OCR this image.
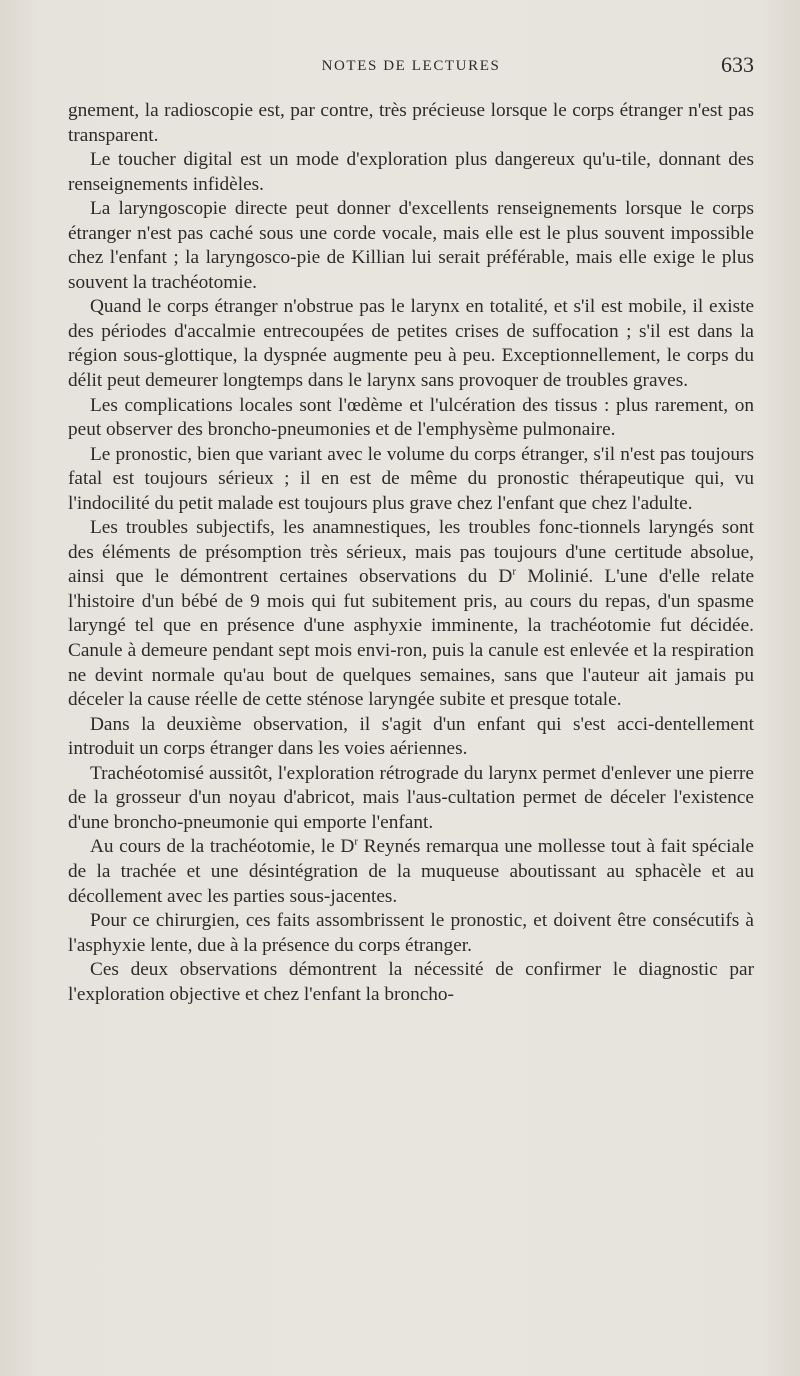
NOTES DE LECTURES	633

gnement, la radioscopie est, par contre, très précieuse lorsque le corps étranger n'est pas transparent.

Le toucher digital est un mode d'exploration plus dangereux qu'u-tile, donnant des renseignements infidèles.

La laryngoscopie directe peut donner d'excellents renseignements lorsque le corps étranger n'est pas caché sous une corde vocale, mais elle est le plus souvent impossible chez l'enfant ; la laryngosco-pie de Killian lui serait préférable, mais elle exige le plus souvent la trachéotomie.

Quand le corps étranger n'obstrue pas le larynx en totalité, et s'il est mobile, il existe des périodes d'accalmie entrecoupées de petites crises de suffocation ; s'il est dans la région sous-glottique, la dyspnée augmente peu à peu. Exceptionnellement, le corps du délit peut demeurer longtemps dans le larynx sans provoquer de troubles graves.

Les complications locales sont l'œdème et l'ulcération des tissus : plus rarement, on peut observer des broncho-pneumonies et de l'emphysème pulmonaire.

Le pronostic, bien que variant avec le volume du corps étranger, s'il n'est pas toujours fatal est toujours sérieux ; il en est de même du pronostic thérapeutique qui, vu l'indocilité du petit malade est toujours plus grave chez l'enfant que chez l'adulte.

Les troubles subjectifs, les anamnestiques, les troubles fonc-tionnels laryngés sont des éléments de présomption très sérieux, mais pas toujours d'une certitude absolue, ainsi que le démontrent certaines observations du $D^r$ Molinié. L'une d'elle relate l'histoire d'un bébé de 9 mois qui fut subitement pris, au cours du repas, d'un spasme laryngé tel que en présence d'une asphyxie imminente, la trachéotomie fut décidée. Canule à demeure pendant sept mois envi-ron, puis la canule est enlevée et la respiration ne devint normale qu'au bout de quelques semaines, sans que l'auteur ait jamais pu déceler la cause réelle de cette sténose laryngée subite et presque totale.

Dans la deuxième observation, il s'agit d'un enfant qui s'est acci-dentellement introduit un corps étranger dans les voies aériennes.

Trachéotomisé aussitôt, l'exploration rétrograde du larynx permet d'enlever une pierre de la grosseur d'un noyau d'abricot, mais l'aus-cultation permet de déceler l'existence d'une broncho-pneumonie qui emporte l'enfant.

Au cours de la trachéotomie, le $D^r$ Reynés remarqua une mollesse tout à fait spéciale de la trachée et une désintégration de la muqueuse aboutissant au sphacèle et au décollement avec les parties sous-jacentes.

Pour ce chirurgien, ces faits assombrissent le pronostic, et doivent être consécutifs à l'asphyxie lente, due à la présence du corps étranger.

Ces deux observations démontrent la nécessité de confirmer le diagnostic par l'exploration objective et chez l'enfant la broncho-
